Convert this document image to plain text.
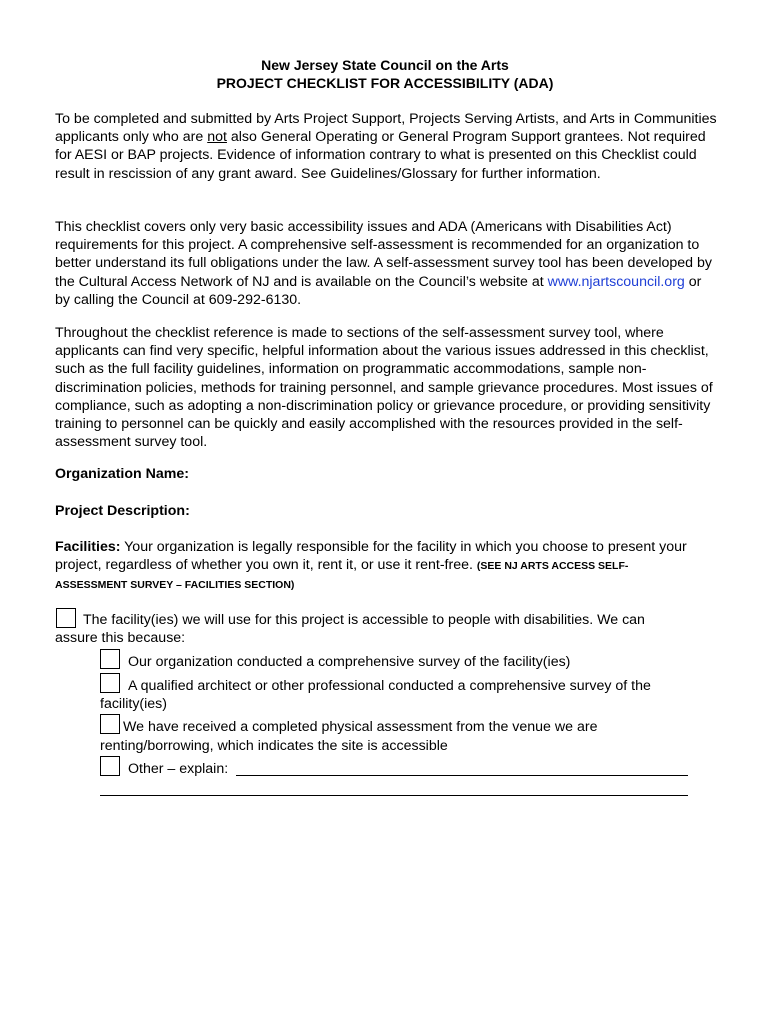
New Jersey State Council on the Arts
PROJECT CHECKLIST FOR ACCESSIBILITY (ADA)
To be completed and submitted by Arts Project Support, Projects Serving Artists, and Arts in Communities applicants only who are not also General Operating or General Program Support grantees. Not required for AESI or BAP projects. Evidence of information contrary to what is presented on this Checklist could result in rescission of any grant award. See Guidelines/Glossary for further information.
This checklist covers only very basic accessibility issues and ADA (Americans with Disabilities Act) requirements for this project. A comprehensive self-assessment is recommended for an organization to better understand its full obligations under the law. A self-assessment survey tool has been developed by the Cultural Access Network of NJ and is available on the Council’s website at www.njartscouncil.org or by calling the Council at 609-292-6130.
Throughout the checklist reference is made to sections of the self-assessment survey tool, where applicants can find very specific, helpful information about the various issues addressed in this checklist, such as the full facility guidelines, information on programmatic accommodations, sample non-discrimination policies, methods for training personnel, and sample grievance procedures. Most issues of compliance, such as adopting a non-discrimination policy or grievance procedure, or providing sensitivity training to personnel can be quickly and easily accomplished with the resources provided in the self-assessment survey tool.
Organization Name:
Project Description:
Facilities: Your organization is legally responsible for the facility in which you choose to present your project, regardless of whether you own it, rent it, or use it rent-free. (SEE NJ ARTS ACCESS SELF-
ASSESSMENT SURVEY – FACILITIES SECTION)
The facility(ies) we will use for this project is accessible to people with disabilities. We can
assure this because:
Our organization conducted a comprehensive survey of the facility(ies)
A qualified architect or other professional conducted a comprehensive survey of the
facility(ies)
We have received a completed physical assessment from the venue we are
renting/borrowing, which indicates the site is accessible
Other – explain:
